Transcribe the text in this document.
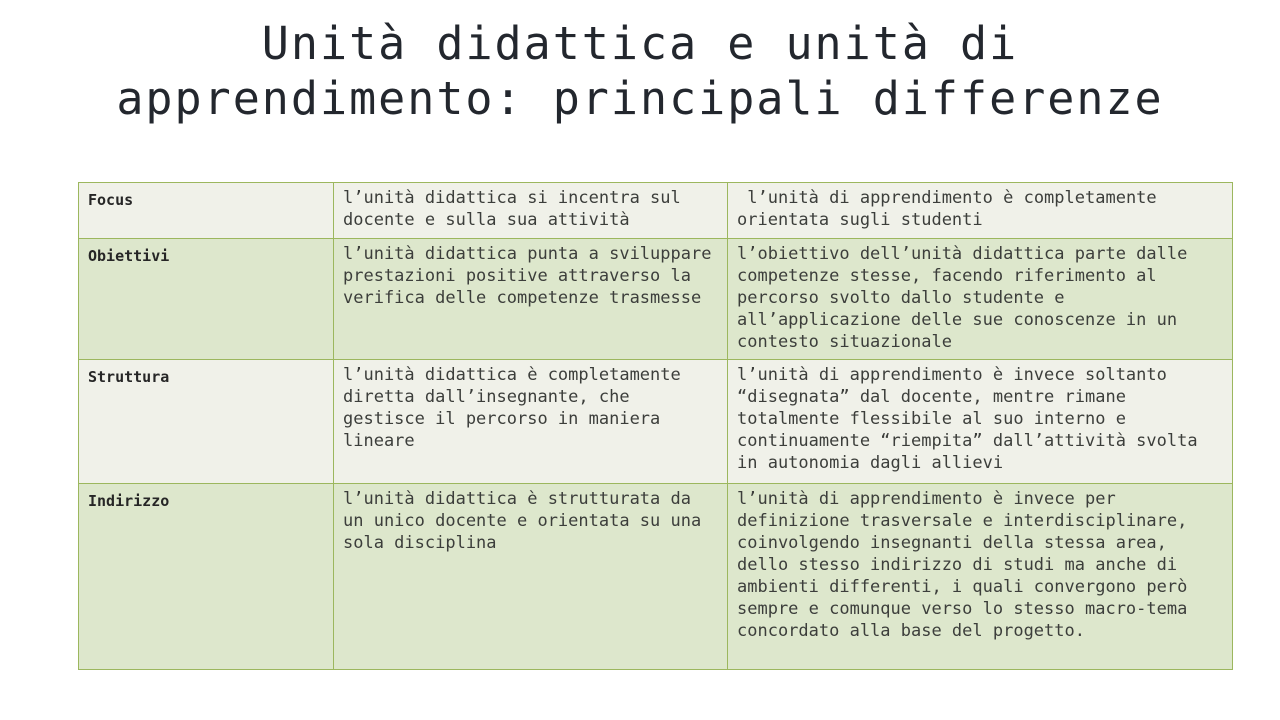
Unità didattica e unità di
apprendimento: principali differenze
Focus	l’unità didattica si incentra sul docente e sulla sua attività	l’unità di apprendimento è completamente orientata sugli studenti
Obiettivi	l’unità didattica punta a sviluppare prestazioni positive attraverso la verifica delle competenze trasmesse	l’obiettivo dell’unità didattica parte dalle competenze stesse, facendo riferimento al percorso svolto dallo studente e all’applicazione delle sue conoscenze in un contesto situazionale
Struttura	l’unità didattica è completamente diretta dall’insegnante, che gestisce il percorso in maniera lineare	l’unità di apprendimento è invece soltanto “disegnata” dal docente, mentre rimane totalmente flessibile al suo interno e continuamente “riempita” dall’attività svolta in autonomia dagli allievi
Indirizzo	l’unità didattica è strutturata da un unico docente e orientata su una sola disciplina	l’unità di apprendimento è invece per definizione trasversale e interdisciplinare, coinvolgendo insegnanti della stessa area, dello stesso indirizzo di studi ma anche di ambienti differenti, i quali convergono però sempre e comunque verso lo stesso macro-tema concordato alla base del progetto.
